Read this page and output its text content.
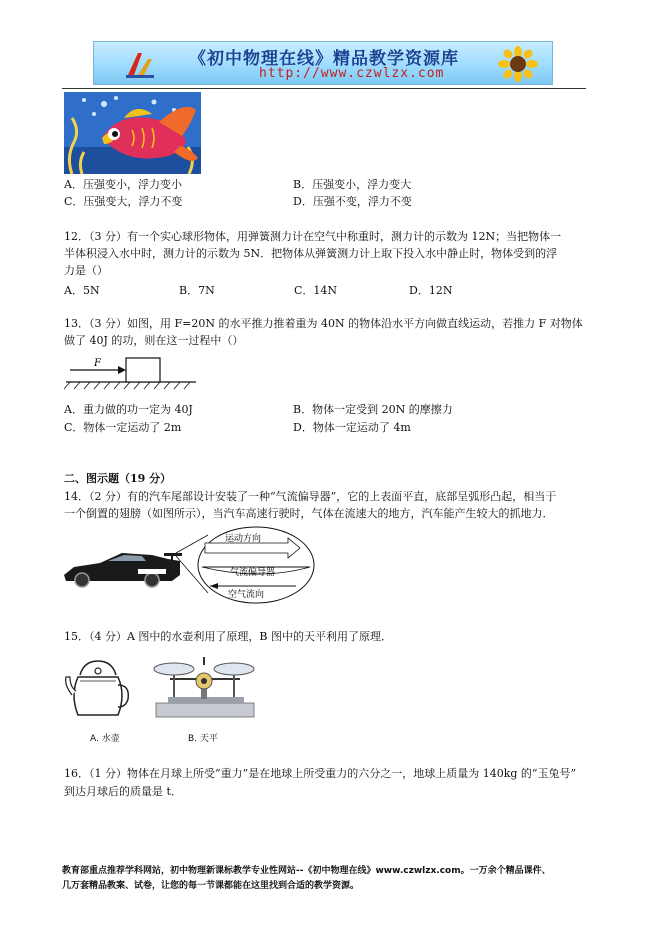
《初中物理在线》精品教学资源库
http://www.czwlzx.com
A．压强变小，浮力变小	B．压强变小，浮力变大
C．压强变大，浮力不变	D．压强不变，浮力不变
12．（3 分）有一个实心球形物体，用弹簧测力计在空气中称重时，测力计的示数为 12N；当把物体一
半体积浸入水中时，测力计的示数为 5N．把物体从弹簧测力计上取下投入水中静止时，物体受到的浮
力是（）
A．5N	B．7N	C．14N	D．12N
13．（3 分）如图，用 F=20N 的水平推力推着重为 40N 的物体沿水平方向做直线运动，若推力 F 对物体
做了 40J 的功，则在这一过程中（）
F
A．重力做的功一定为 40J	B．物体一定受到 20N 的摩擦力
C．物体一定运动了 2m	D．物体一定运动了 4m
二、图示题（19 分）
14．（2 分）有的汽车尾部设计安装了一种“气流偏导器”，它的上表面平直，底部呈弧形凸起，相当于
一个倒置的翅膀（如图所示），当汽车高速行驶时，气体在流速大的地方，汽车能产生较大的抓地力．
运动方向
气流偏导器
空气流向
15．（4 分）A 图中的水壶利用了原理，B 图中的天平利用了原理．
A. 水壶	B. 天平
16．（1 分）物体在月球上所受“重力”是在地球上所受重力的六分之一，地球上质量为 140kg 的“玉兔号”
到达月球后的质量是 t．
教育部重点推荐学科网站，初中物理新课标教学专业性网站--《初中物理在线》www.czwlzx.com。一万余个精品课件、
几万套精品教案、试卷，让您的每一节课都能在这里找到合适的教学资源。
